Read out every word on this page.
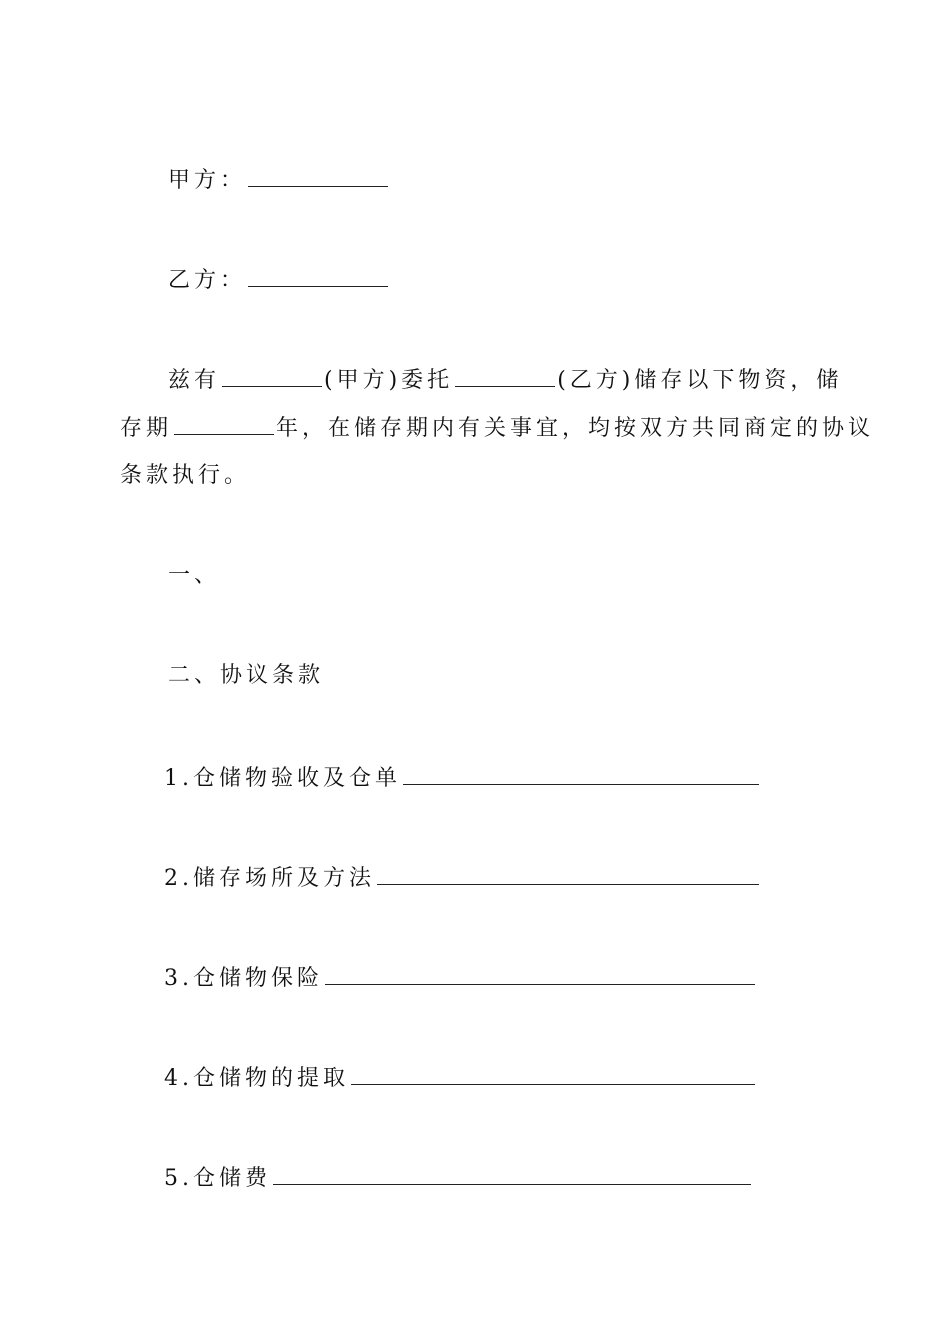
甲方：
乙方：
兹有	(甲方)委托	(乙方)储存以下物资，储
存期	年，在储存期内有关事宜，均按双方共同商定的协议
条款执行。
一、
二、协议条款
1.仓储物验收及仓单
2.储存场所及方法
3.仓储物保险
4.仓储物的提取
5.仓储费
